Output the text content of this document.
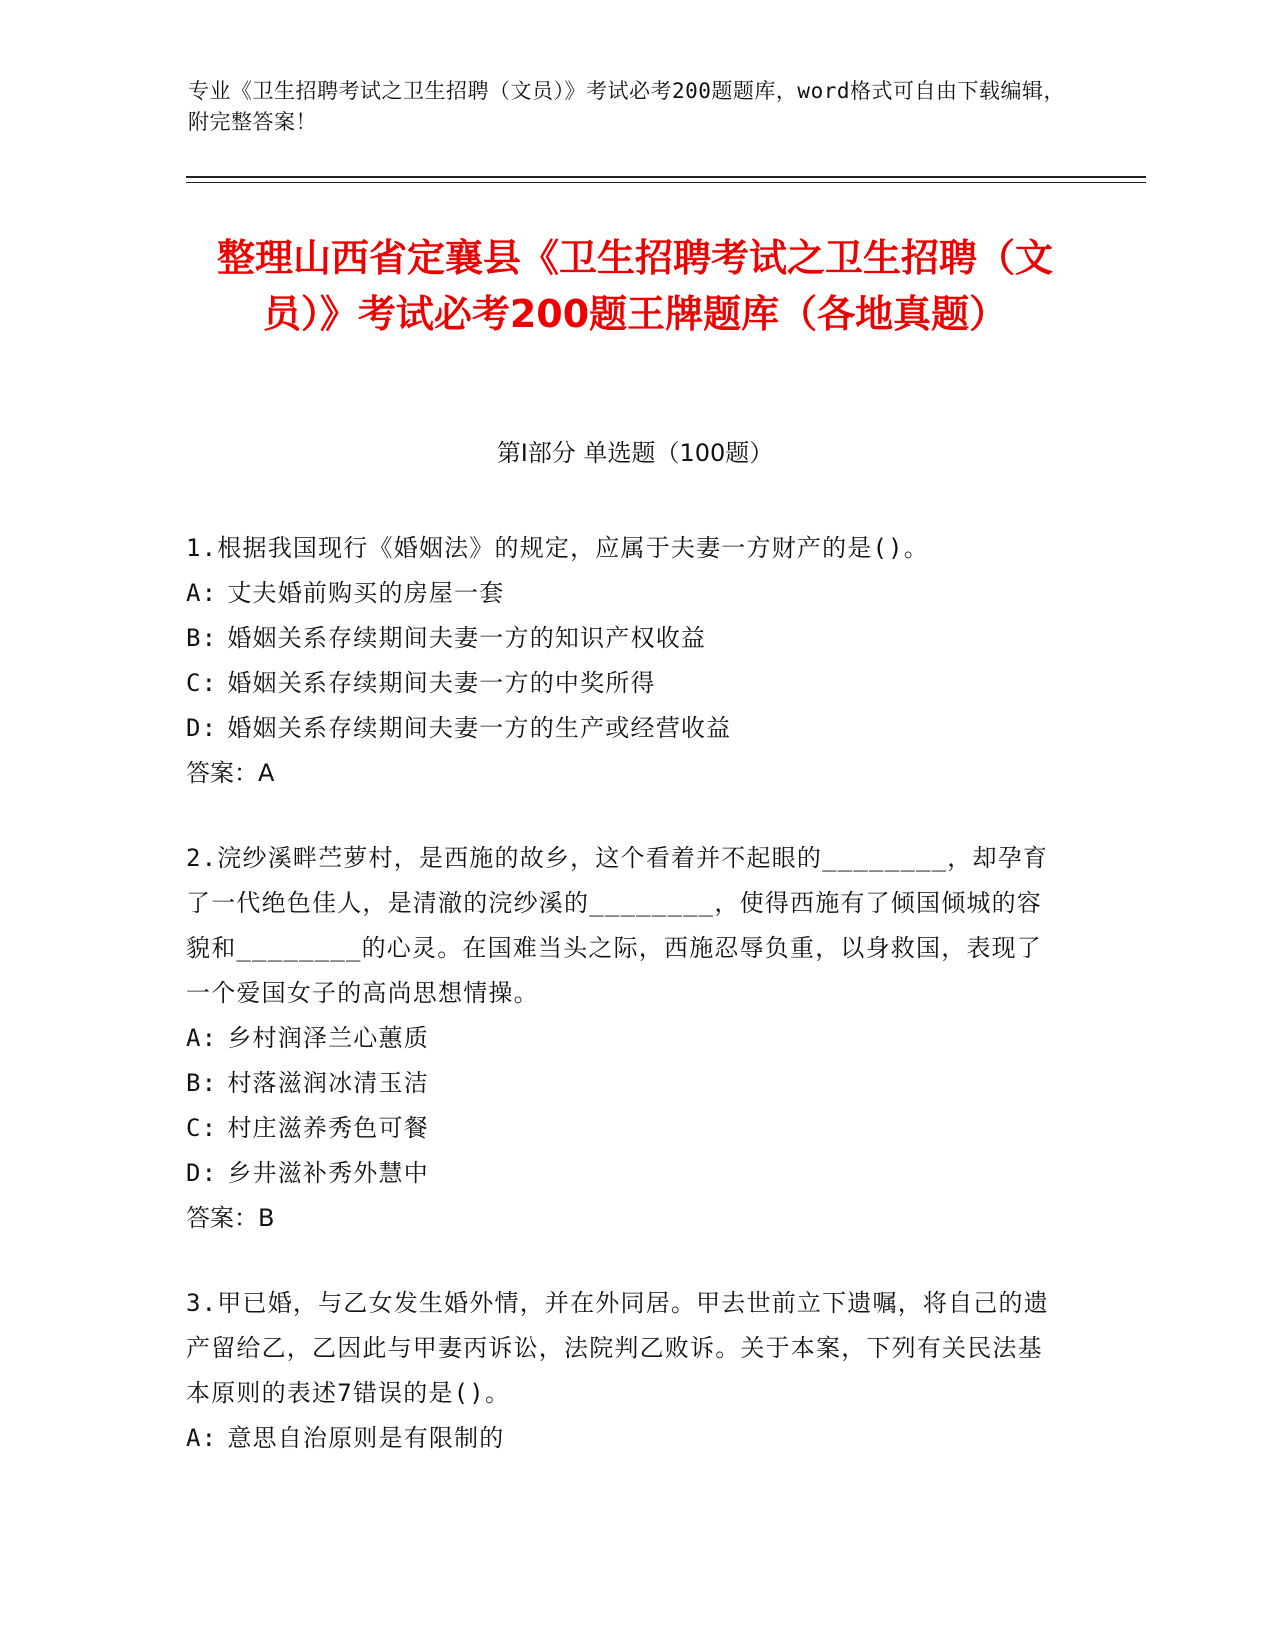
专业《卫生招聘考试之卫生招聘（文员）》考试必考200题题库，word格式可自由下载编辑，附完整答案！
整理山西省定襄县《卫生招聘考试之卫生招聘（文员）》考试必考200题王牌题库（各地真题）
第Ⅰ部分 单选题（100题）
1.根据我国现行《婚姻法》的规定，应属于夫妻一方财产的是()。
A: 丈夫婚前购买的房屋一套
B: 婚姻关系存续期间夫妻一方的知识产权收益
C: 婚姻关系存续期间夫妻一方的中奖所得
D: 婚姻关系存续期间夫妻一方的生产或经营收益
答案：A
2.浣纱溪畔苎萝村，是西施的故乡，这个看着并不起眼的________，却孕育了一代绝色佳人，是清澈的浣纱溪的________，使得西施有了倾国倾城的容貌和________的心灵。在国难当头之际，西施忍辱负重，以身救国，表现了一个爱国女子的高尚思想情操。
A: 乡村润泽兰心蕙质
B: 村落滋润冰清玉洁
C: 村庄滋养秀色可餐
D: 乡井滋补秀外慧中
答案：B
3.甲已婚，与乙女发生婚外情，并在外同居。甲去世前立下遗嘱，将自己的遗产留给乙，乙因此与甲妻丙诉讼，法院判乙败诉。关于本案，下列有关民法基本原则的表述7错误的是()。
A: 意思自治原则是有限制的
